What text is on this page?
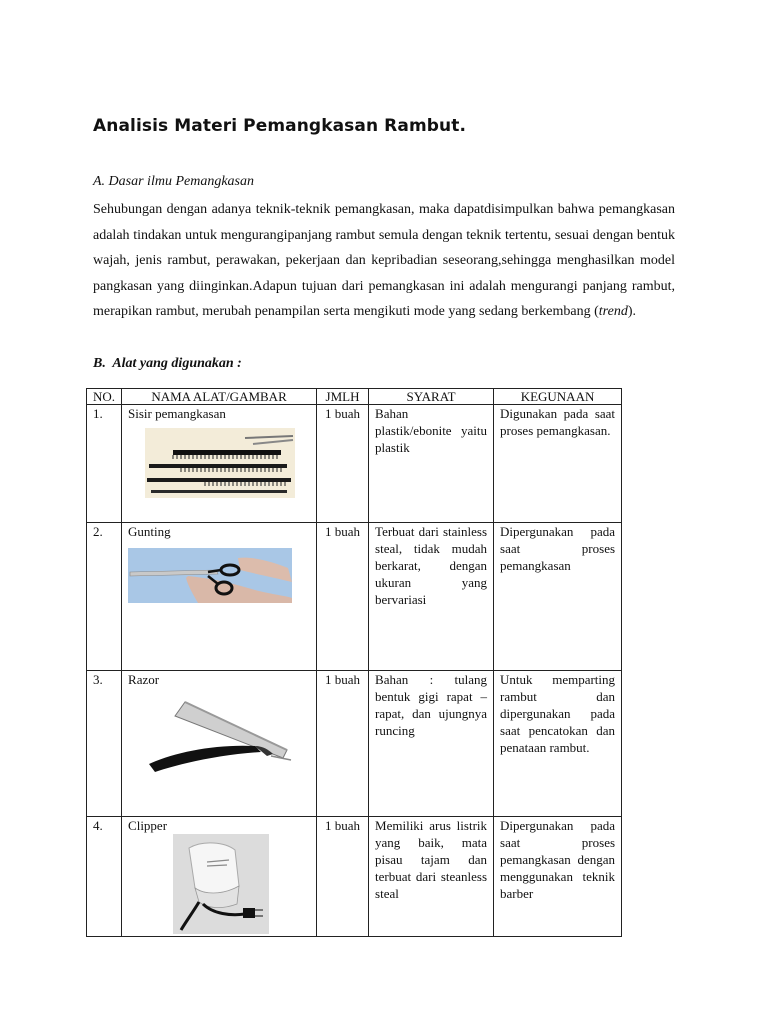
Analisis Materi Pemangkasan Rambut.
A. Dasar ilmu Pemangkasan

Sehubungan dengan adanya teknik-teknik pemangkasan, maka dapatdisimpulkan bahwa pemangkasan adalah tindakan untuk mengurangipanjang rambut semula dengan teknik tertentu, sesuai dengan bentuk wajah, jenis rambut, perawakan, pekerjaan dan kepribadian seseorang,sehingga menghasilkan model pangkasan yang diinginkan.Adapun tujuan dari pemangkasan ini adalah mengurangi panjang rambut, merapikan rambut, merubah penampilan serta mengikuti mode yang sedang berkembang (trend).

B.  Alat yang digunakan :
NO.	NAMA ALAT/GAMBAR	JMLH	SYARAT	KEGUNAAN
1.	Sisir pemangkasan	1 buah	Bahan plastik/ebonite yaitu plastik	Digunakan pada saat proses pemangkasan.
2.	Gunting	1 buah	Terbuat dari stainless steal, tidak mudah berkarat, dengan ukuran yang bervariasi	Dipergunakan pada saat proses pemangkasan
3.	Razor	1 buah	Bahan : tulang bentuk gigi rapat – rapat, dan ujungnya runcing	Untuk memparting rambut dan dipergunakan pada saat pencatokan dan penataan rambut.
4.	Clipper	1 buah	Memiliki arus listrik yang baik, mata pisau tajam dan terbuat dari steanless steal	Dipergunakan pada saat proses pemangkasan dengan menggunakan teknik barber
